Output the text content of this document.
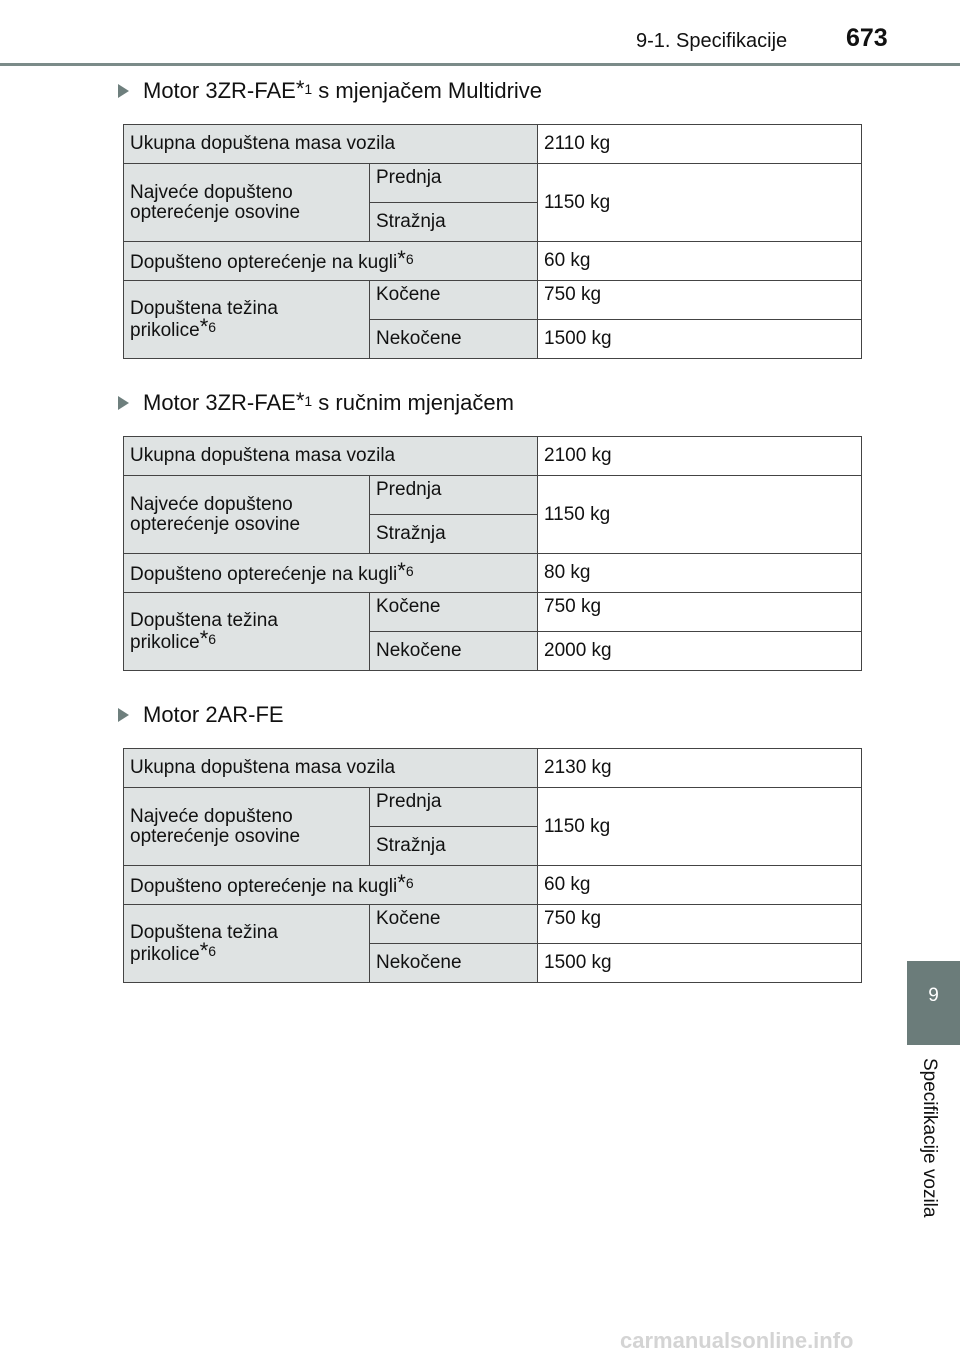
9-1. Specifikacije 673
Motor 3ZR-FAE $^{*1}$ s mjenjačem Multidrive
Ukupna dopuštena masa vozila		2110 kg
Najveće dopušteno opterećenje osovine	Prednja	1150 kg
	Stražnja	
Dopušteno opterećenje na kugli$^{*6}$		60 kg
Dopuštena težina prikolice$^{*6}$	Kočene	750 kg
	Nekočene	1500 kg
Motor 3ZR-FAE $^{*1}$ s ručnim mjenjačem
Ukupna dopuštena masa vozila		2100 kg
Najveće dopušteno opterećenje osovine	Prednja	1150 kg
	Stražnja	
Dopušteno opterećenje na kugli$^{*6}$		80 kg
Dopuštena težina prikolice$^{*6}$	Kočene	750 kg
	Nekočene	2000 kg
Motor 2AR-FE
Ukupna dopuštena masa vozila		2130 kg
Najveće dopušteno opterećenje osovine	Prednja	1150 kg
	Stražnja	
Dopušteno opterećenje na kugli$^{*6}$		60 kg
Dopuštena težina prikolice$^{*6}$	Kočene	750 kg
	Nekočene	1500 kg
9
Specifikacije vozila
carmanualsonline.info
